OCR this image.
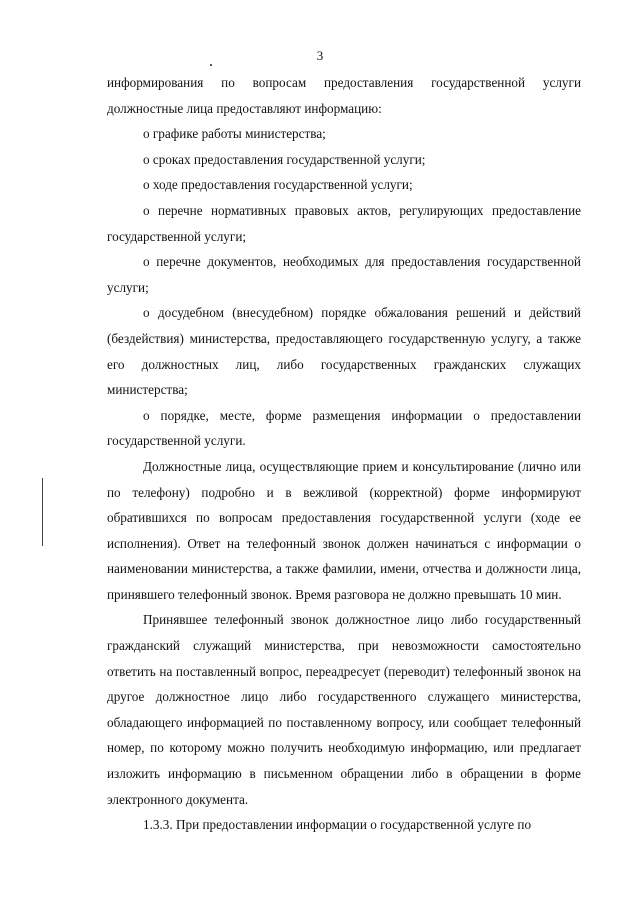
3

информирования по вопросам предоставления государственной услуги должностные лица предоставляют информацию:

о графике работы министерства;

о сроках предоставления государственной услуги;

о ходе предоставления государственной услуги;

о перечне нормативных правовых актов, регулирующих предоставление государственной услуги;

о перечне документов, необходимых для предоставления государственной услуги;

о досудебном (внесудебном) порядке обжалования решений и действий (бездействия) министерства, предоставляющего государственную услугу, а также его должностных лиц, либо государственных гражданских служащих министерства;

о порядке, месте, форме размещения информации о предоставлении государственной услуги.

Должностные лица, осуществляющие прием и консультирование (лично или по телефону) подробно и в вежливой (корректной) форме информируют обратившихся по вопросам предоставления государственной услуги (ходе ее исполнения). Ответ на телефонный звонок должен начинаться с информации о наименовании министерства, а также фамилии, имени, отчества и должности лица, принявшего телефонный звонок. Время разговора не должно превышать 10 мин.

Принявшее телефонный звонок должностное лицо либо государственный гражданский служащий министерства, при невозможности самостоятельно ответить на поставленный вопрос, переадресует (переводит) телефонный звонок на другое должностное лицо либо государственного служащего министерства, обладающего информацией по поставленному вопросу, или сообщает телефонный номер, по которому можно получить необходимую информацию, или предлагает изложить информацию в письменном обращении либо в обращении в форме электронного документа.

1.3.3. При предоставлении информации о государственной услуге по
